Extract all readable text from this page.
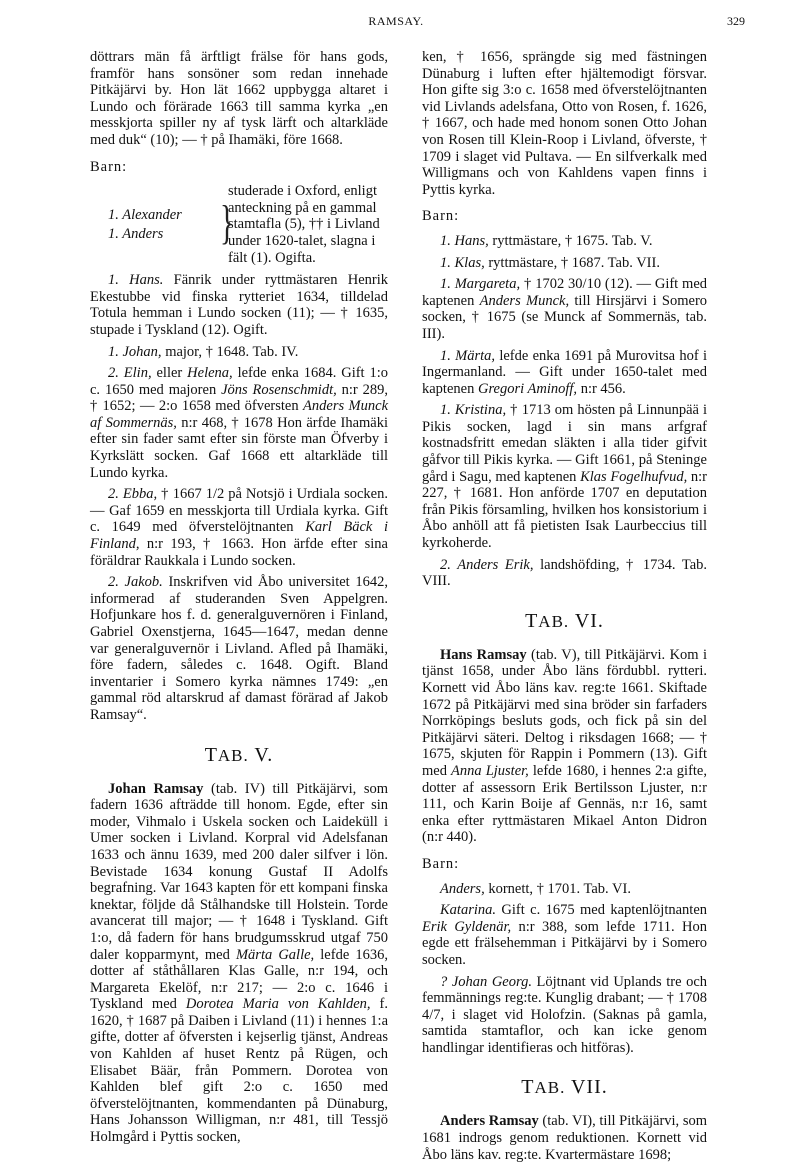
RAMSAY.	329

döttrars män få ärftligt frälse för hans gods, framför hans sonsöner som redan innehade Pitkäjärvi by. Hon lät 1662 uppbygga altaret i Lundo och förärade 1663 till samma kyrka „en messkjorta spiller ny af tysk lärft och altarkläde med duk“ (10); — † på Ihamäki, före 1668.

Barn:

1. Alexander
1. Anders	}
studerade i Oxford, enligt anteckning på en gammal stamtafla (5), †† i Livland under 1620-talet, slagna i fält (1). Ogifta.

1. Hans. Fänrik under ryttmästaren Henrik Ekestubbe vid finska rytteriet 1634, tilldelad Totula hemman i Lundo socken (11); — † 1635, stupade i Tyskland (12). Ogift.

1. Johan, major, † 1648. Tab. IV.

2. Elin, eller Helena, lefde enka 1684. Gift 1:o c. 1650 med majoren Jöns Rosenschmidt, n:r 289, † 1652; — 2:o 1658 med öfversten Anders Munck af Sommernäs, n:r 468, † 1678 Hon ärfde Ihamäki efter sin fader samt efter sin förste man Öfverby i Kyrkslätt socken. Gaf 1668 ett altarkläde till Lundo kyrka.

2. Ebba, † 1667 1/2 på Notsjö i Urdiala socken. — Gaf 1659 en messkjorta till Urdiala kyrka. Gift c. 1649 med öfverstelöjtnanten Karl Bäck i Finland, n:r 193, † 1663. Hon ärfde efter sina föräldrar Raukkala i Lundo socken.

2. Jakob. Inskrifven vid Åbo universitet 1642, informerad af studeranden Sven Appelgren. Hofjunkare hos f. d. generalguvernören i Finland, Gabriel Oxenstjerna, 1645—1647, medan denne var generalguvernör i Livland. Afled på Ihamäki, före fadern, således c. 1648. Ogift. Bland inventarier i Somero kyrka nämnes 1749: „en gammal röd altarskrud af damast förärad af Jakob Ramsay“.

TAB. V.

Johan Ramsay (tab. IV) till Pitkäjärvi, som fadern 1636 afträdde till honom. Egde, efter sin moder, Vihmalo i Uskela socken och Laideküll i Umer socken i Livland. Korpral vid Adelsfanan 1633 och ännu 1639, med 200 daler silfver i lön. Bevistade 1634 konung Gustaf II Adolfs begrafning. Var 1643 kapten för ett kompani finska knektar, följde då Stålhandske till Holstein. Torde avancerat till major; — † 1648 i Tyskland. Gift 1:o, då fadern för hans brudgumsskrud utgaf 750 daler kopparmynt, med Märta Galle, lefde 1636, dotter af ståthållaren Klas Galle, n:r 194, och Margareta Ekelöf, n:r 217; — 2:o c. 1646 i Tyskland med Dorotea Maria von Kahlden, f. 1620, † 1687 på Daiben i Livland (11) i hennes 1:a gifte, dotter af öfversten i kejserlig tjänst, Andreas von Kahlden af huset Rentz på Rügen, och Elisabet Bäär, från Pommern. Dorotea von Kahlden blef gift 2:o c. 1650 med öfverstelöjtnanten, kommendanten på Dünaburg, Hans Johansson Willigman, n:r 481, till Tessjö Holmgård i Pyttis socken,

ken, † 1656, sprängde sig med fästningen Dünaburg i luften efter hjältemodigt försvar. Hon gifte sig 3:o c. 1658 med öfverstelöjtnanten vid Livlands adelsfana, Otto von Rosen, f. 1626, † 1667, och hade med honom sonen Otto Johan von Rosen till Klein-Roop i Livland, öfverste, † 1709 i slaget vid Pultava. — En silfverkalk med Willigmans och von Kahldens vapen finns i Pyttis kyrka.

Barn:

1. Hans, ryttmästare, † 1675. Tab. V.

1. Klas, ryttmästare, † 1687. Tab. VII.

1. Margareta, † 1702 30/10 (12). — Gift med kaptenen Anders Munck, till Hirsjärvi i Somero socken, † 1675 (se Munck af Sommernäs, tab. III).

1. Märta, lefde enka 1691 på Murovitsa hof i Ingermanland. — Gift under 1650-talet med kaptenen Gregori Aminoff, n:r 456.

1. Kristina, † 1713 om hösten på Linnunpää i Pikis socken, lagd i sin mans arfgraf kostnadsfritt emedan släkten i alla tider gifvit gåfvor till Pikis kyrka. — Gift 1661, på Steninge gård i Sagu, med kaptenen Klas Fogelhufvud, n:r 227, † 1681. Hon anförde 1707 en deputation från Pikis församling, hvilken hos konsistorium i Åbo anhöll att få pietisten Isak Laurbeccius till kyrkoherde.

2. Anders Erik, landshöfding, † 1734. Tab. VIII.

TAB. VI.

Hans Ramsay (tab. V), till Pitkäjärvi. Kom i tjänst 1658, under Åbo läns fördubbl. rytteri. Kornett vid Åbo läns kav. reg:te 1661. Skiftade 1672 på Pitkäjärvi med sina bröder sin farfaders Norrköpings besluts gods, och fick på sin del Pitkäjärvi säteri. Deltog i riksdagen 1668; — † 1675, skjuten för Rappin i Pommern (13). Gift med Anna Ljuster, lefde 1680, i hennes 2:a gifte, dotter af assessorn Erik Bertilsson Ljuster, n:r 111, och Karin Boije af Gennäs, n:r 16, samt enka efter ryttmästaren Mikael Anton Didron (n:r 440).

Barn:

Anders, kornett, † 1701. Tab. VI.

Katarina. Gift c. 1675 med kaptenlöjtnanten Erik Gyldenär, n:r 388, som lefde 1711. Hon egde ett frälsehemman i Pitkäjärvi by i Somero socken.

? Johan Georg. Löjtnant vid Uplands tre och femmännings reg:te. Kunglig drabant; — † 1708 4/7, i slaget vid Holofzin. (Saknas på gamla, samtida stamtaflor, och kan icke genom handlingar identifieras och hitföras).

TAB. VII.

Anders Ramsay (tab. VI), till Pitkäjärvi, som 1681 indrogs genom reduktionen. Kornett vid Åbo läns kav. reg:te. Kvartermästare 1698;
